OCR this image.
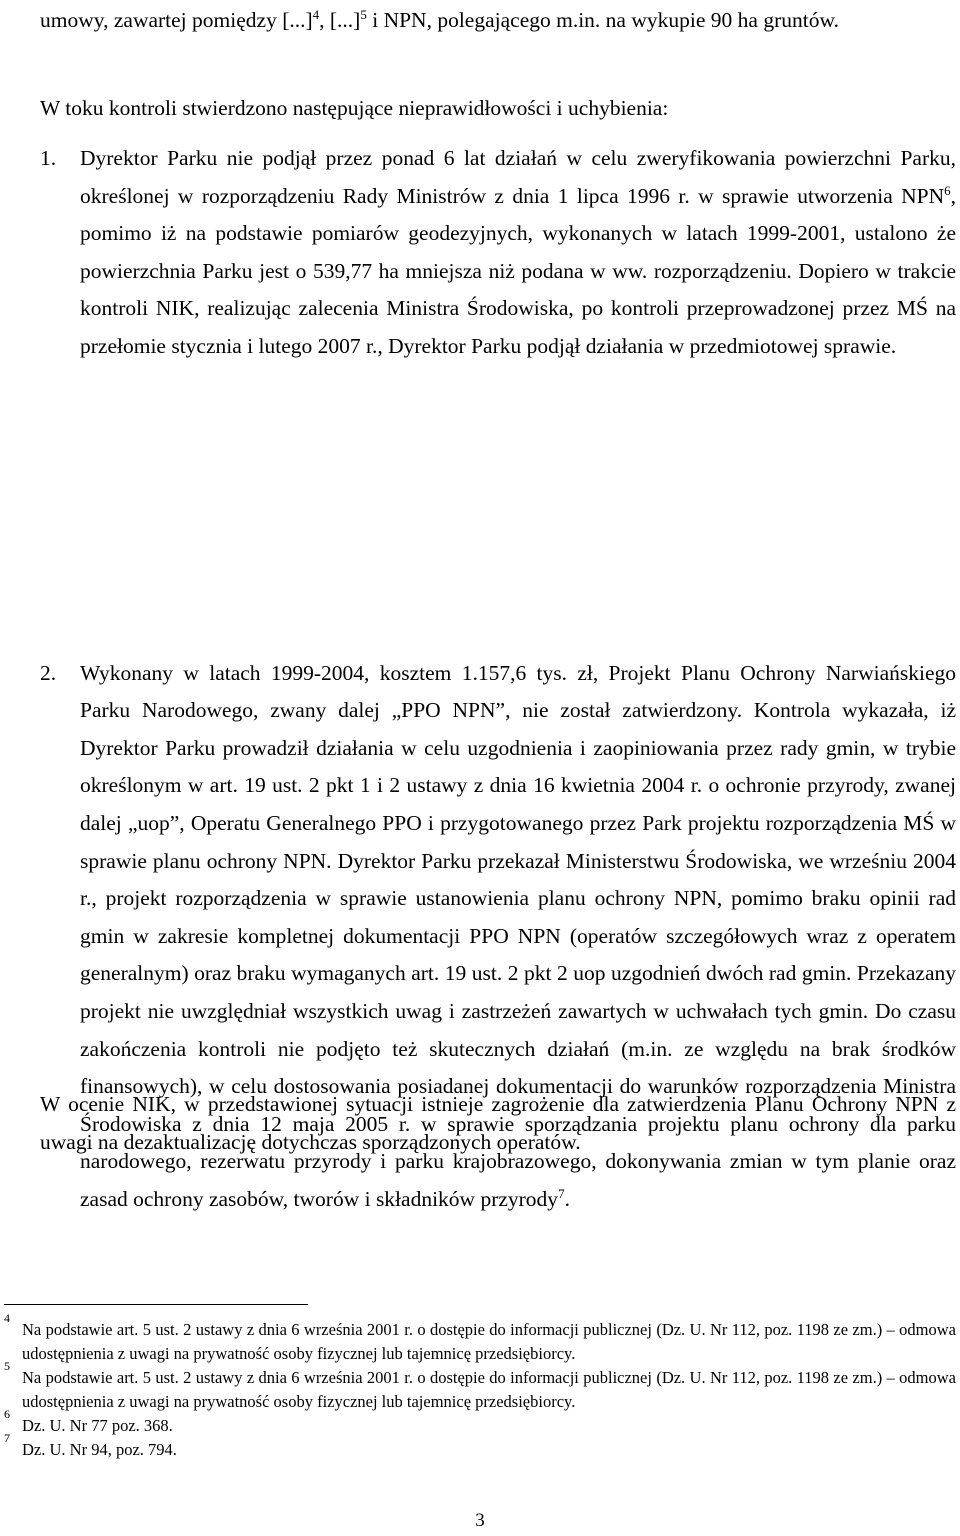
umowy, zawartej pomiędzy [...]$^4$, [...]$^5$ i NPN, polegającego m.in. na wykupie 90 ha gruntów.

W toku kontroli stwierdzono następujące nieprawidłowości i uchybienia:

1. Dyrektor Parku nie podjął przez ponad 6 lat działań w celu zweryfikowania powierzchni Parku, określonej w rozporządzeniu Rady Ministrów z dnia 1 lipca 1996 r. w sprawie utworzenia NPN$^6$, pomimo iż na podstawie pomiarów geodezyjnych, wykonanych w latach 1999-2001, ustalono że powierzchnia Parku jest o 539,77 ha mniejsza niż podana w ww. rozporządzeniu. Dopiero w trakcie kontroli NIK, realizując zalecenia Ministra Środowiska, po kontroli przeprowadzonej przez MŚ na przełomie stycznia i lutego 2007 r., Dyrektor Parku podjął działania w przedmiotowej sprawie.

2. Wykonany w latach 1999-2004, kosztem 1.157,6 tys. zł, Projekt Planu Ochrony Narwiańskiego Parku Narodowego, zwany dalej „PPO NPN”, nie został zatwierdzony. Kontrola wykazała, iż Dyrektor Parku prowadził działania w celu uzgodnienia i zaopiniowania przez rady gmin, w trybie określonym w art. 19 ust. 2 pkt 1 i 2 ustawy z dnia 16 kwietnia 2004 r. o ochronie przyrody, zwanej dalej „uop”, Operatu Generalnego PPO i przygotowanego przez Park projektu rozporządzenia MŚ w sprawie planu ochrony NPN. Dyrektor Parku przekazał Ministerstwu Środowiska, we wrześniu 2004 r., projekt rozporządzenia w sprawie ustanowienia planu ochrony NPN, pomimo braku opinii rad gmin w zakresie kompletnej dokumentacji PPO NPN (operatów szczegółowych wraz z operatem generalnym) oraz braku wymaganych art. 19 ust. 2 pkt 2 uop uzgodnień dwóch rad gmin. Przekazany projekt nie uwzględniał wszystkich uwag i zastrzeżeń zawartych w uchwałach tych gmin. Do czasu zakończenia kontroli nie podjęto też skutecznych działań (m.in. ze względu na brak środków finansowych), w celu dostosowania posiadanej dokumentacji do warunków rozporządzenia Ministra Środowiska z dnia 12 maja 2005 r. w sprawie sporządzania projektu planu ochrony dla parku narodowego, rezerwatu przyrody i parku krajobrazowego, dokonywania zmian w tym planie oraz zasad ochrony zasobów, tworów i składników przyrody$^7$.

W ocenie NIK, w przedstawionej sytuacji istnieje zagrożenie dla zatwierdzenia Planu Ochrony NPN z uwagi na dezaktualizację dotychczas sporządzonych operatów.

4
Na podstawie art. 5 ust. 2 ustawy z dnia 6 września 2001 r. o dostępie do informacji publicznej (Dz. U. Nr 112, poz. 1198 ze zm.) – odmowa udostępnienia z uwagi na prywatność osoby fizycznej lub tajemnicę przedsiębiorcy.

5
Na podstawie art. 5 ust. 2 ustawy z dnia 6 września 2001 r. o dostępie do informacji publicznej (Dz. U. Nr 112, poz. 1198 ze zm.) – odmowa udostępnienia z uwagi na prywatność osoby fizycznej lub tajemnicę przedsiębiorcy.

6
Dz. U. Nr 77 poz. 368.

7
Dz. U. Nr 94, poz. 794.

3
